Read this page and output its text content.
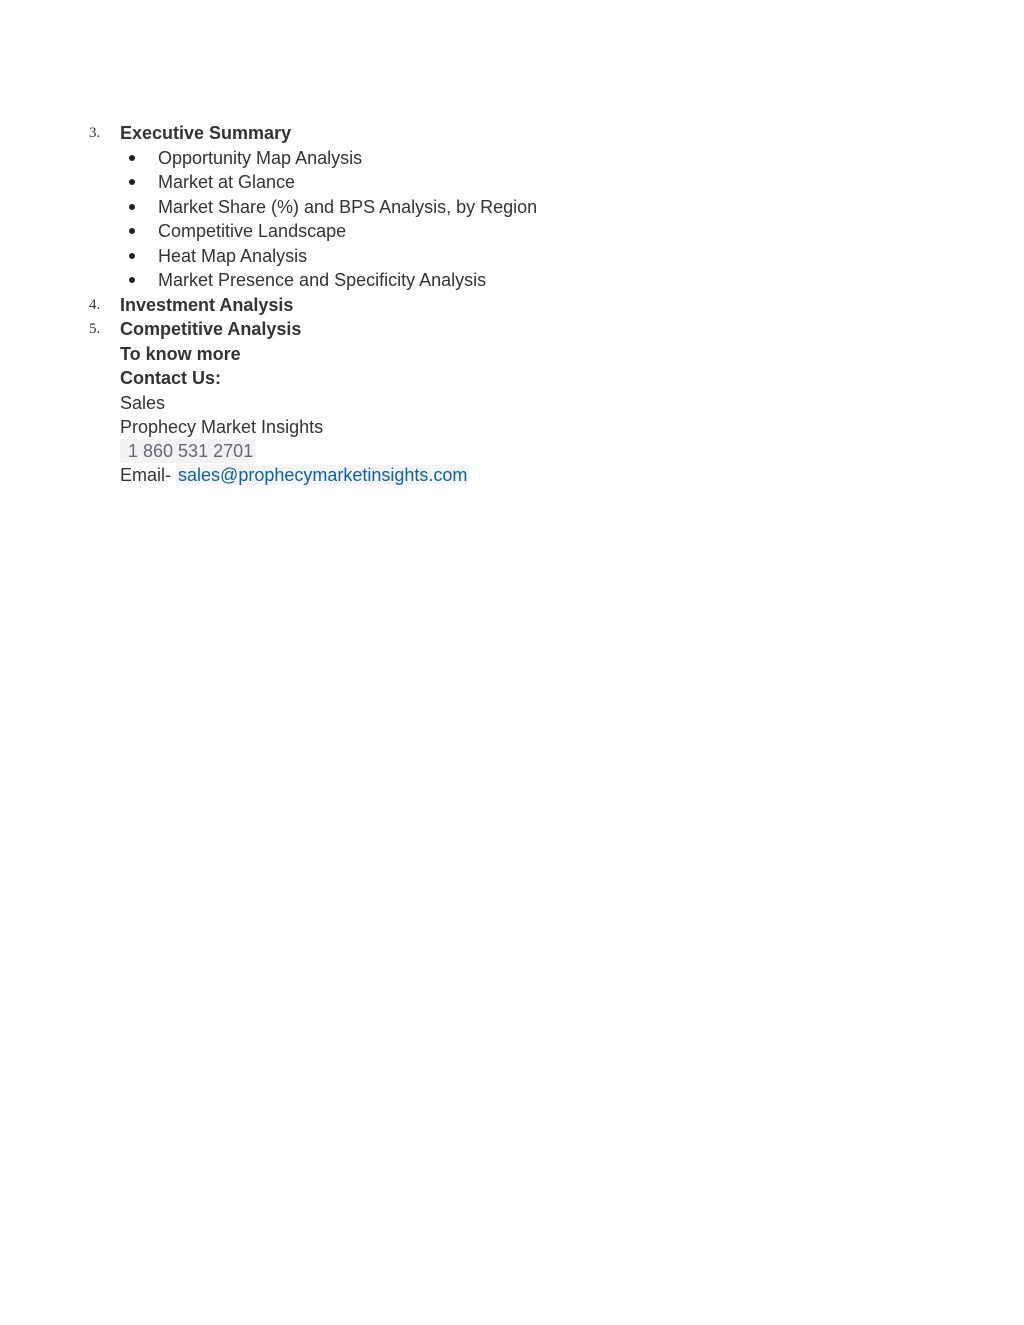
3. Executive Summary
Opportunity Map Analysis
Market at Glance
Market Share (%) and BPS Analysis, by Region
Competitive Landscape
Heat Map Analysis
Market Presence and Specificity Analysis
4. Investment Analysis
5. Competitive Analysis
To know more
Contact Us:
Sales
Prophecy Market Insights
1 860 531 2701
Email- sales@prophecymarketinsights.com
